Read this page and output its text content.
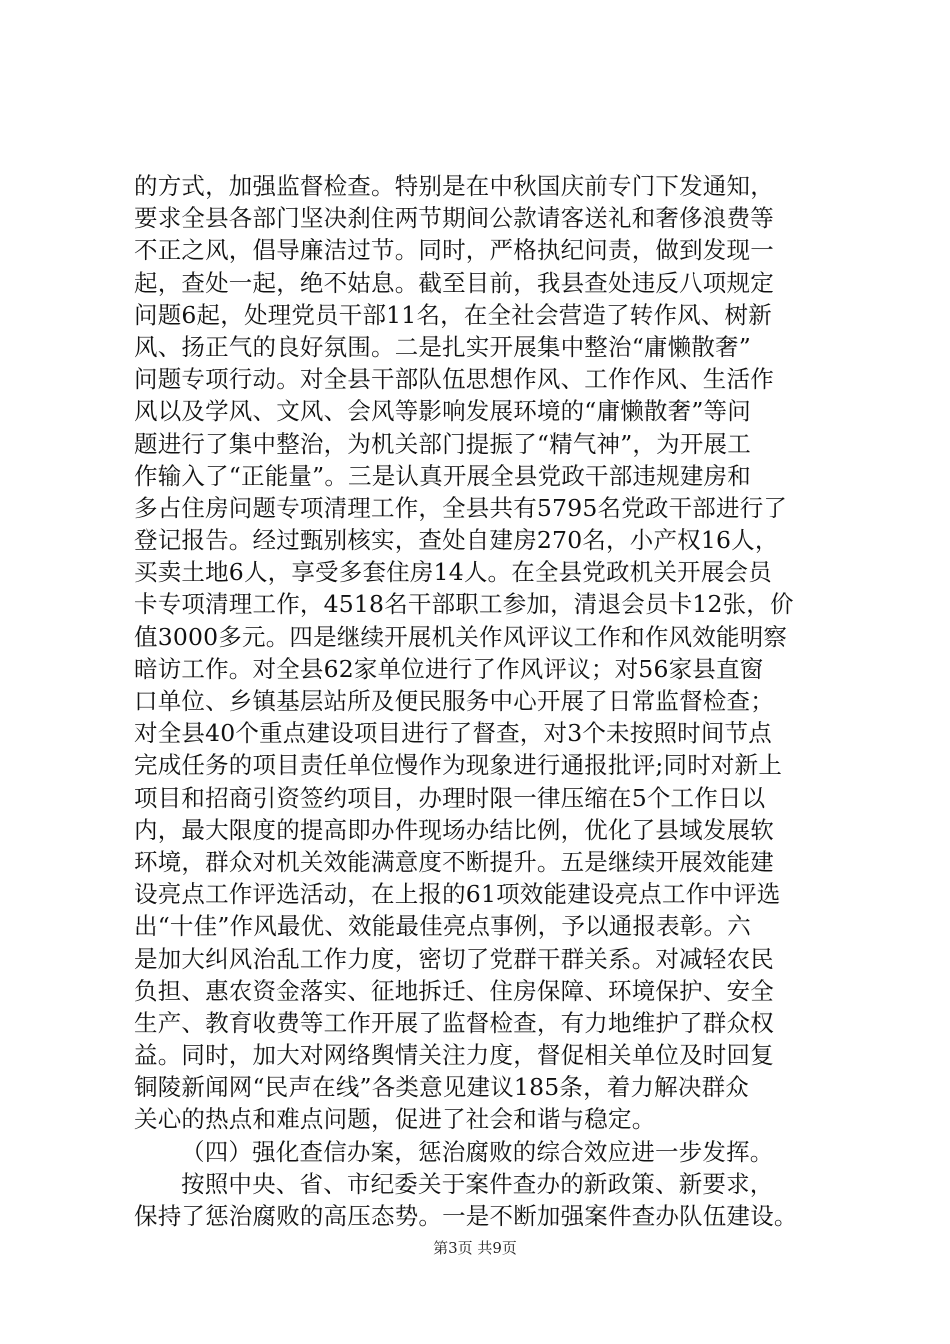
的方式，加强监督检查。特别是在中秋国庆前专门下发通知，
要求全县各部门坚决刹住两节期间公款请客送礼和奢侈浪费等
不正之风，倡导廉洁过节。同时，严格执纪问责，做到发现一
起，查处一起，绝不姑息。截至目前，我县查处违反八项规定
问题6起，处理党员干部11名，在全社会营造了转作风、树新
风、扬正气的良好氛围。二是扎实开展集中整治“庸懒散奢”
问题专项行动。对全县干部队伍思想作风、工作作风、生活作
风以及学风、文风、会风等影响发展环境的“庸懒散奢”等问
题进行了集中整治，为机关部门提振了“精气神”，为开展工
作输入了“正能量”。三是认真开展全县党政干部违规建房和
多占住房问题专项清理工作，全县共有5795名党政干部进行了
登记报告。经过甄别核实，查处自建房270名，小产权16人，
买卖土地6人，享受多套住房14人。在全县党政机关开展会员
卡专项清理工作，4518名干部职工参加，清退会员卡12张，价
值3000多元。四是继续开展机关作风评议工作和作风效能明察
暗访工作。对全县62家单位进行了作风评议；对56家县直窗
口单位、乡镇基层站所及便民服务中心开展了日常监督检查；
对全县40个重点建设项目进行了督查，对3个未按照时间节点
完成任务的项目责任单位慢作为现象进行通报批评;同时对新上
项目和招商引资签约项目，办理时限一律压缩在5个工作日以
内，最大限度的提高即办件现场办结比例，优化了县域发展软
环境，群众对机关效能满意度不断提升。五是继续开展效能建
设亮点工作评选活动，在上报的61项效能建设亮点工作中评选
出“十佳”作风最优、效能最佳亮点事例，予以通报表彰。六
是加大纠风治乱工作力度，密切了党群干群关系。对减轻农民
负担、惠农资金落实、征地拆迁、住房保障、环境保护、安全
生产、教育收费等工作开展了监督检查，有力地维护了群众权
益。同时，加大对网络舆情关注力度，督促相关单位及时回复
铜陵新闻网“民声在线”各类意见建议185条，着力解决群众
关心的热点和难点问题，促进了社会和谐与稳定。
（四）强化查信办案，惩治腐败的综合效应进一步发挥。
按照中央、省、市纪委关于案件查办的新政策、新要求，
保持了惩治腐败的高压态势。一是不断加强案件查办队伍建设。
第3页 共9页
